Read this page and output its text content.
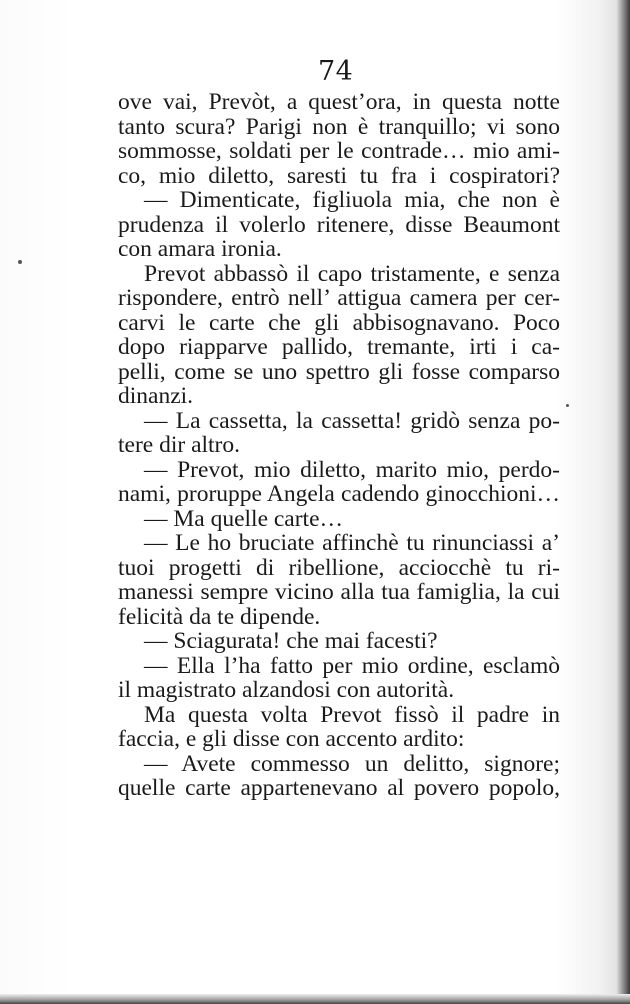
74
ove vai, Prevòt, a quest’ora, in questa notte
tanto scura? Parigi non è tranquillo; vi sono
sommosse, soldati per le contrade… mio ami-
co, mio diletto, saresti tu fra i cospiratori?
— Dimenticate, figliuola mia, che non è
prudenza il volerlo ritenere, disse Beaumont
con amara ironia.
Prevot abbassò il capo tristamente, e senza
rispondere, entrò nell’ attigua camera per cer-
carvi le carte che gli abbisognavano. Poco
dopo riapparve pallido, tremante, irti i ca-
pelli, come se uno spettro gli fosse comparso
dinanzi.
— La cassetta, la cassetta! gridò senza po-
tere dir altro.
— Prevot, mio diletto, marito mio, perdo-
nami, proruppe Angela cadendo ginocchioni…
— Ma quelle carte…
— Le ho bruciate affinchè tu rinunciassi a’
tuoi progetti di ribellione, acciocchè tu ri-
manessi sempre vicino alla tua famiglia, la cui
felicità da te dipende.
— Sciagurata! che mai facesti?
— Ella l’ha fatto per mio ordine, esclamò
il magistrato alzandosi con autorità.
Ma questa volta Prevot fissò il padre in
faccia, e gli disse con accento ardito:
— Avete commesso un delitto, signore;
quelle carte appartenevano al povero popolo,
